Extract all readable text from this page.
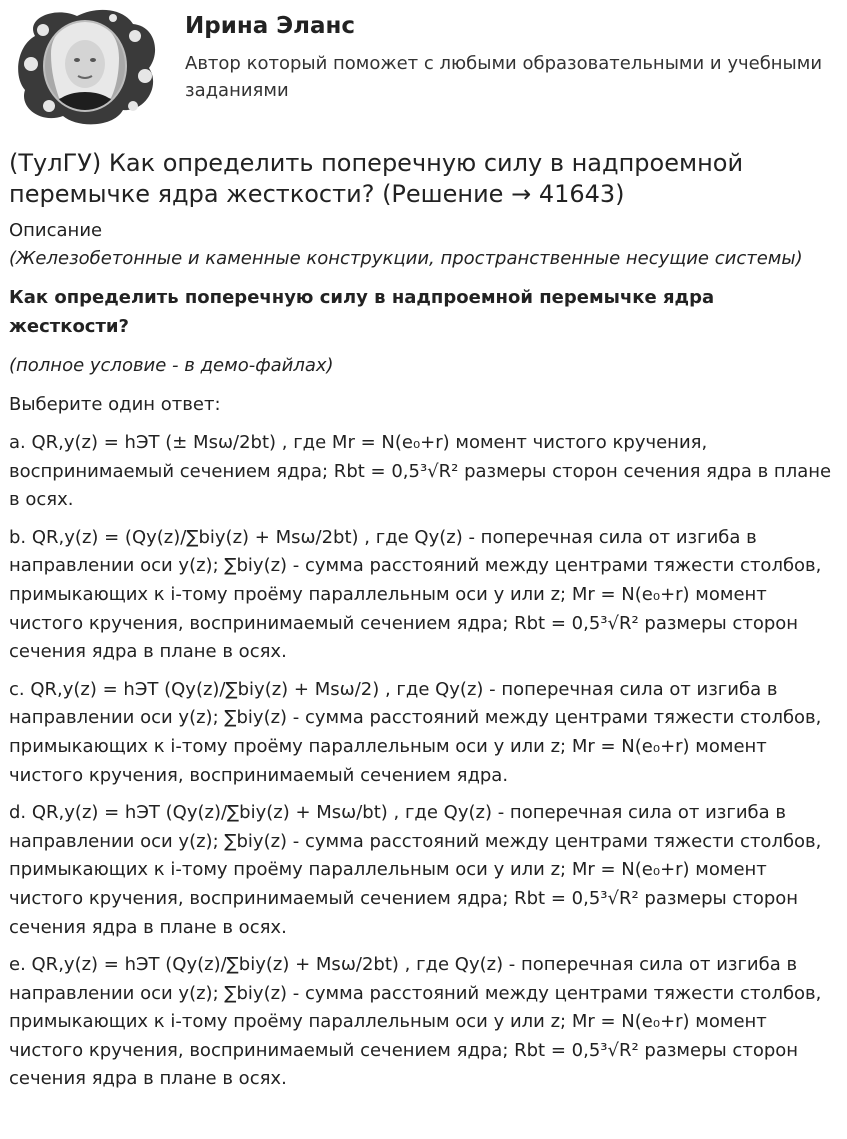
Ирина Эланс

Автор который поможет с любыми образовательными и учебными заданиями

(ТулГУ) Как определить поперечную силу в надпроемной перемычке ядра жесткости? (Решение → 41643)

Описание

(Железобетонные и каменные конструкции, пространственные несущие системы)

Как определить поперечную силу в надпроемной перемычке ядра жесткости?

(полное условие - в демо-файлах)

Выберите один ответ:

a. QR,y(z) = hЭТ (± Msω/2bt) , где Mr = N(e₀+r) момент чистого кручения, воспринимаемый сечением ядра; Rbt = 0,5³√R² размеры сторон сечения ядра в плане в осях.

b. QR,y(z) = (Qy(z)/∑biy(z) + Msω/2bt) , где Qy(z) - поперечная сила от изгиба в направлении оси y(z); ∑biy(z) - сумма расстояний между центрами тяжести столбов, примыкающих к i-тому проёму параллельным оси y или z; Mr = N(e₀+r) момент чистого кручения, воспринимаемый сечением ядра; Rbt = 0,5³√R² размеры сторон сечения ядра в плане в осях.

c. QR,y(z) = hЭТ (Qy(z)/∑biy(z) + Msω/2) , где Qy(z) - поперечная сила от изгиба в направлении оси y(z); ∑biy(z) - сумма расстояний между центрами тяжести столбов, примыкающих к i-тому проёму параллельным оси y или z; Mr = N(e₀+r) момент чистого кручения, воспринимаемый сечением ядра.

d. QR,y(z) = hЭТ (Qy(z)/∑biy(z) + Msω/bt) , где Qy(z) - поперечная сила от изгиба в направлении оси y(z); ∑biy(z) - сумма расстояний между центрами тяжести столбов, примыкающих к i-тому проёму параллельным оси y или z; Mr = N(e₀+r) момент чистого кручения, воспринимаемый сечением ядра; Rbt = 0,5³√R² размеры сторон сечения ядра в плане в осях.

e. QR,y(z) = hЭТ (Qy(z)/∑biy(z) + Msω/2bt) , где Qy(z) - поперечная сила от изгиба в направлении оси y(z); ∑biy(z) - сумма расстояний между центрами тяжести столбов, примыкающих к i-тому проёму параллельным оси y или z; Mr = N(e₀+r) момент чистого кручения, воспринимаемый сечением ядра; Rbt = 0,5³√R² размеры сторон сечения ядра в плане в осях.
